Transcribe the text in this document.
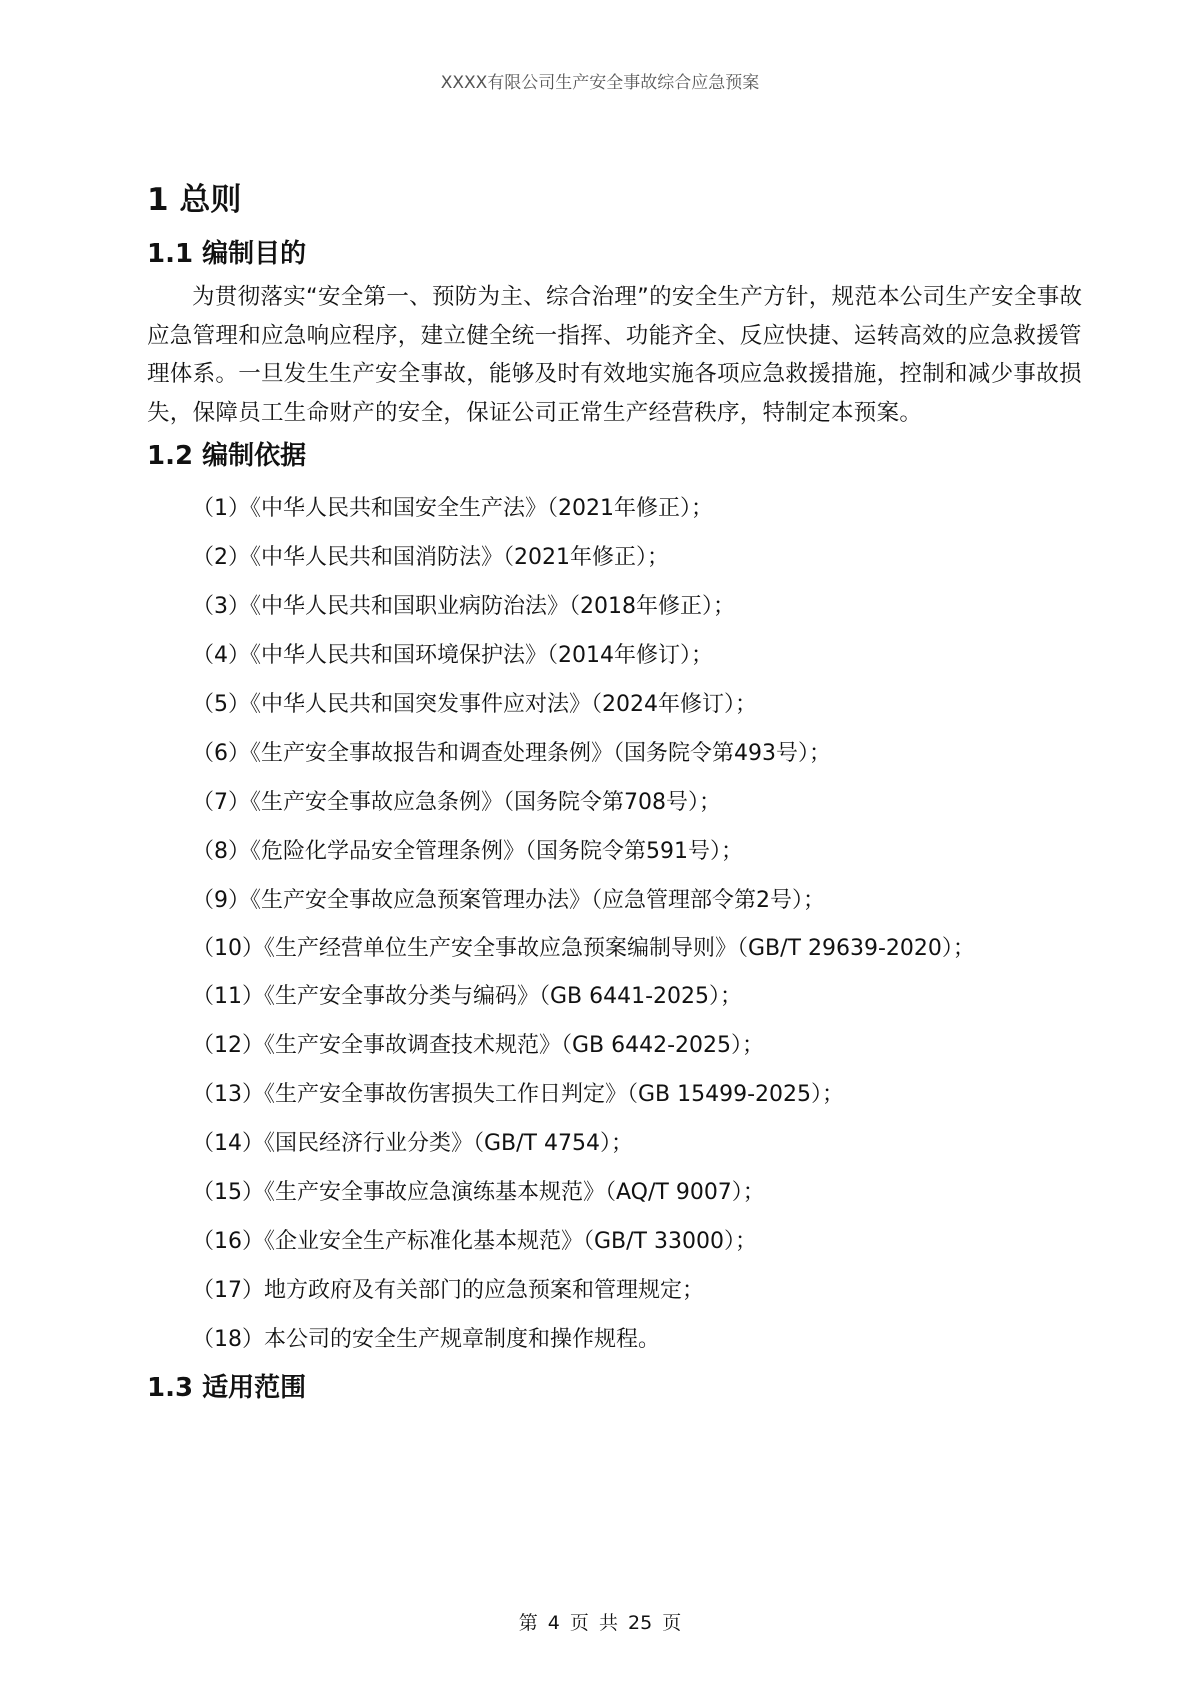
XXXX有限公司生产安全事故综合应急预案
1 总则
1.1 编制目的

为贯彻落实“安全第一、预防为主、综合治理”的安全生产方针，规范本公司生产安全事故应急管理和应急响应程序，建立健全统一指挥、功能齐全、反应快捷、运转高效的应急救援管理体系。一旦发生生产安全事故，能够及时有效地实施各项应急救援措施，控制和减少事故损失，保障员工生命财产的安全，保证公司正常生产经营秩序，特制定本预案。

1.2 编制依据
（1）《中华人民共和国安全生产法》（2021年修正）；
（2）《中华人民共和国消防法》（2021年修正）；
（3）《中华人民共和国职业病防治法》（2018年修正）；
（4）《中华人民共和国环境保护法》（2014年修订）；
（5）《中华人民共和国突发事件应对法》（2024年修订）；
（6）《生产安全事故报告和调查处理条例》（国务院令第493号）；
（7）《生产安全事故应急条例》（国务院令第708号）；
（8）《危险化学品安全管理条例》（国务院令第591号）；
（9）《生产安全事故应急预案管理办法》（应急管理部令第2号）；
（10）《生产经营单位生产安全事故应急预案编制导则》（GB/T 29639-2020）；
（11）《生产安全事故分类与编码》（GB 6441-2025）；
（12）《生产安全事故调查技术规范》（GB 6442-2025）；
（13）《生产安全事故伤害损失工作日判定》（GB 15499-2025）；
（14）《国民经济行业分类》（GB/T 4754）；
（15）《生产安全事故应急演练基本规范》（AQ/T 9007）；
（16）《企业安全生产标准化基本规范》（GB/T 33000）；
（17）地方政府及有关部门的应急预案和管理规定；
（18）本公司的安全生产规章制度和操作规程。
1.3 适用范围
第 4 页 共 25 页
